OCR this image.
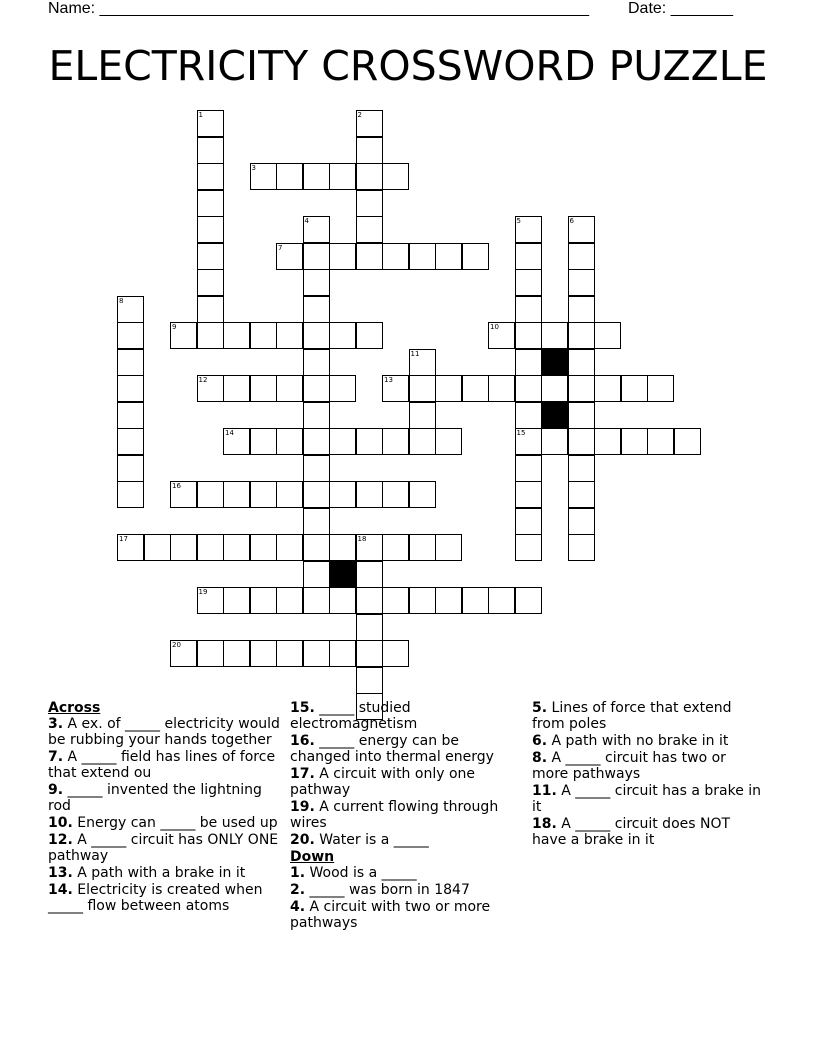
Name: _______________________________________________________ Date: _______
ELECTRICITY CROSSWORD PUZZLE
1	2
3
4	5	6
7
8
9	10
11
12	13
14	15
16
17	18
19
20
Across
3. A ex. of _____ electricity would be rubbing your hands together
7. A _____ field has lines of force that extend ou
9. _____ invented the lightning rod
10. Energy can _____ be used up
12. A _____ circuit has ONLY ONE pathway
13. A path with a brake in it
14. Electricity is created when _____ flow between atoms
15. _____ studied electromagnetism
16. _____ energy can be changed into thermal energy
17. A circuit with only one pathway
19. A current flowing through wires
20. Water is a _____
Down
1. Wood is a _____
2. _____ was born in 1847
4. A circuit with two or more pathways
5. Lines of force that extend from poles
6. A path with no brake in it
8. A _____ circuit has two or more pathways
11. A _____ circuit has a brake in it
18. A _____ circuit does NOT have a brake in it
